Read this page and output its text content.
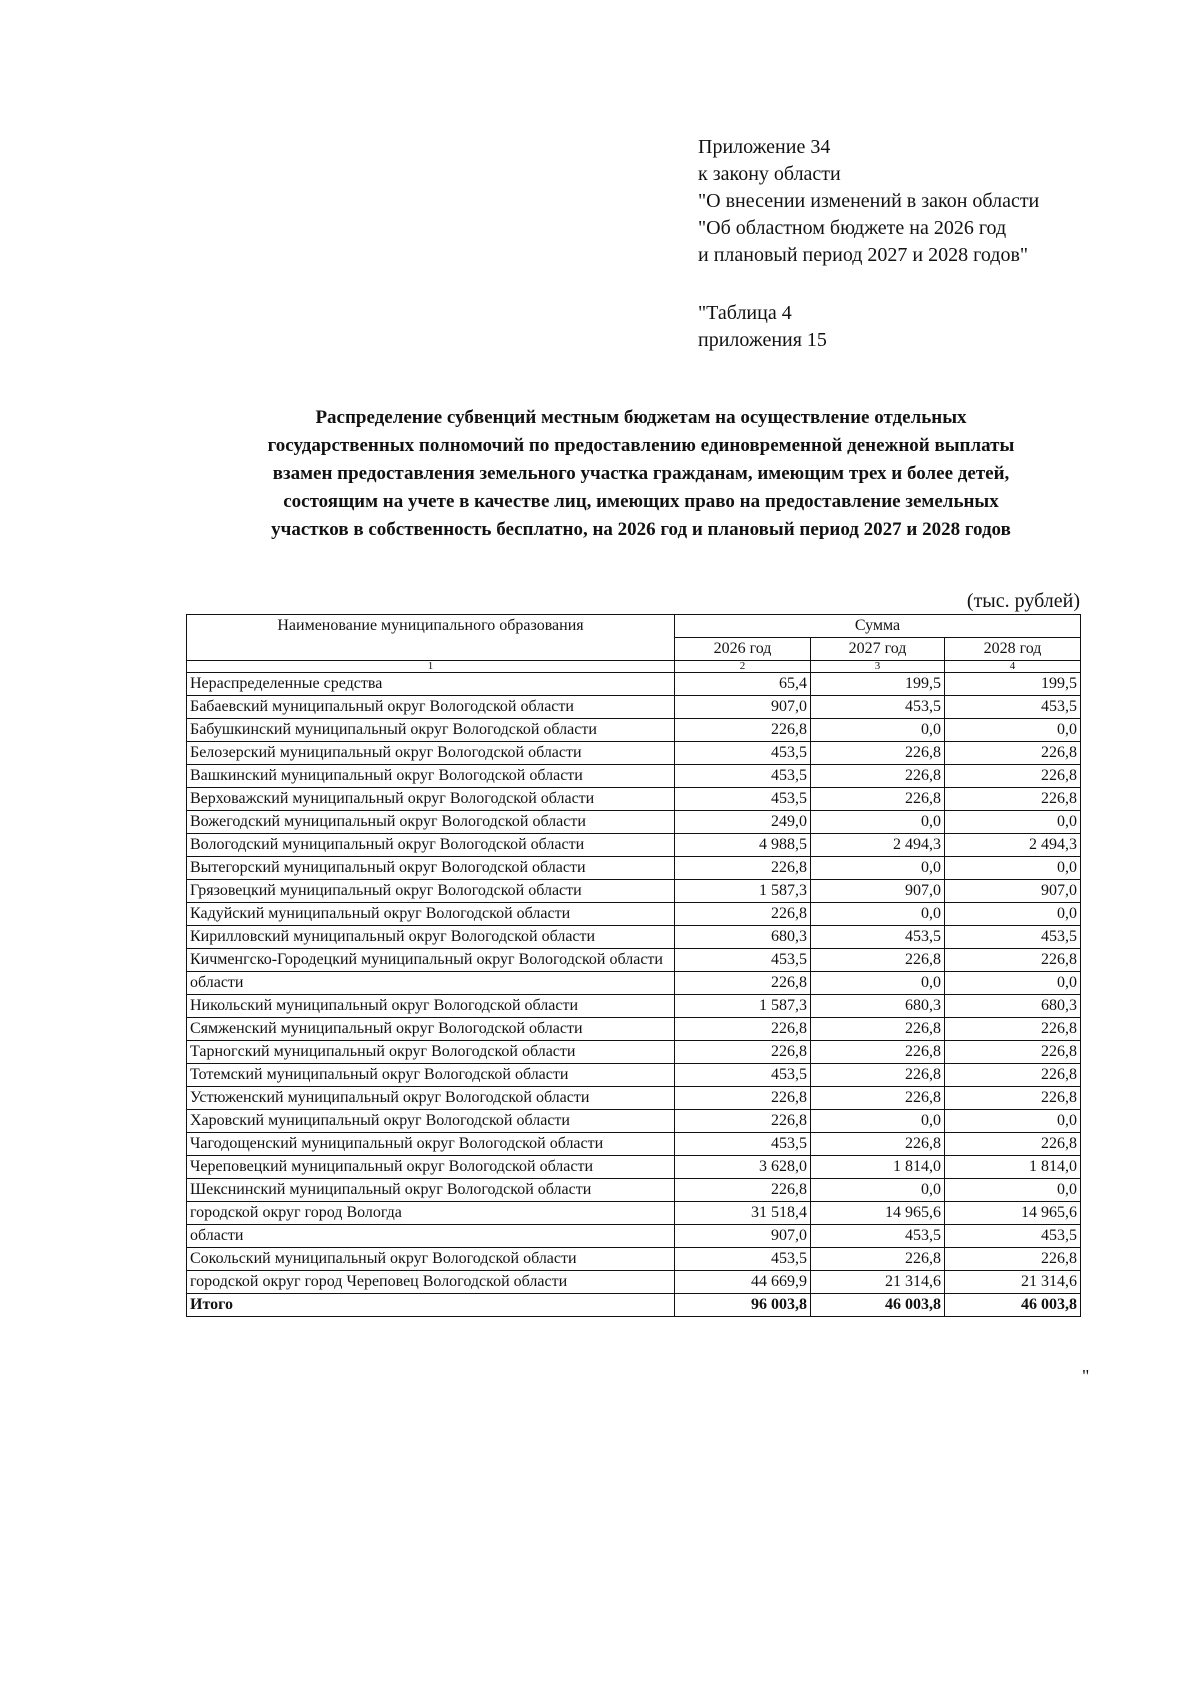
Приложение 34
к закону области
"О внесении изменений в закон области
"Об областном бюджете на 2026 год
и плановый период 2027 и 2028 годов"
"Таблица 4
приложения 15
Распределение субвенций местным бюджетам на осуществление отдельных
государственных полномочий по предоставлению единовременной денежной выплаты
взамен предоставления земельного участка гражданам, имеющим трех и более детей,
состоящим на учете в качестве лиц, имеющих право на предоставление земельных
участков в собственность бесплатно, на 2026 год и плановый период 2027 и 2028 годов
(тыс. рублей)
Наименование муниципального образования	Сумма		
	2026 год	2027 год	2028 год
1	2	3	4
Нераспределенные средства	65,4	199,5	199,5
Бабаевский муниципальный округ Вологодской области	907,0	453,5	453,5
Бабушкинский муниципальный округ Вологодской области	226,8	0,0	0,0
Белозерский муниципальный округ Вологодской области	453,5	226,8	226,8
Вашкинский муниципальный округ Вологодской области	453,5	226,8	226,8
Верховажский муниципальный округ Вологодской области	453,5	226,8	226,8
Вожегодский муниципальный округ Вологодской области	249,0	0,0	0,0
Вологодский муниципальный округ Вологодской области	4 988,5	2 494,3	2 494,3
Вытегорский муниципальный округ Вологодской области	226,8	0,0	0,0
Грязовецкий муниципальный округ Вологодской области	1 587,3	907,0	907,0
Кадуйский муниципальный округ Вологодской области	226,8	0,0	0,0
Кирилловский муниципальный округ Вологодской области	680,3	453,5	453,5
Кичменгско-Городецкий муниципальный округ Вологодской области	453,5	226,8	226,8
области	226,8	0,0	0,0
Никольский муниципальный округ Вологодской области	1 587,3	680,3	680,3
Сямженский муниципальный округ Вологодской области	226,8	226,8	226,8
Тарногский муниципальный округ Вологодской области	226,8	226,8	226,8
Тотемский муниципальный округ Вологодской области	453,5	226,8	226,8
Устюженский муниципальный округ Вологодской области	226,8	226,8	226,8
Харовский муниципальный округ Вологодской области	226,8	0,0	0,0
Чагодощенский муниципальный округ Вологодской области	453,5	226,8	226,8
Череповецкий муниципальный округ Вологодской области	3 628,0	1 814,0	1 814,0
Шекснинский муниципальный округ Вологодской области	226,8	0,0	0,0
городской округ город Вологда	31 518,4	14 965,6	14 965,6
области	907,0	453,5	453,5
Сокольский муниципальный округ Вологодской области	453,5	226,8	226,8
городской округ город Череповец Вологодской области	44 669,9	21 314,6	21 314,6
Итого	96 003,8	46 003,8	46 003,8
"
